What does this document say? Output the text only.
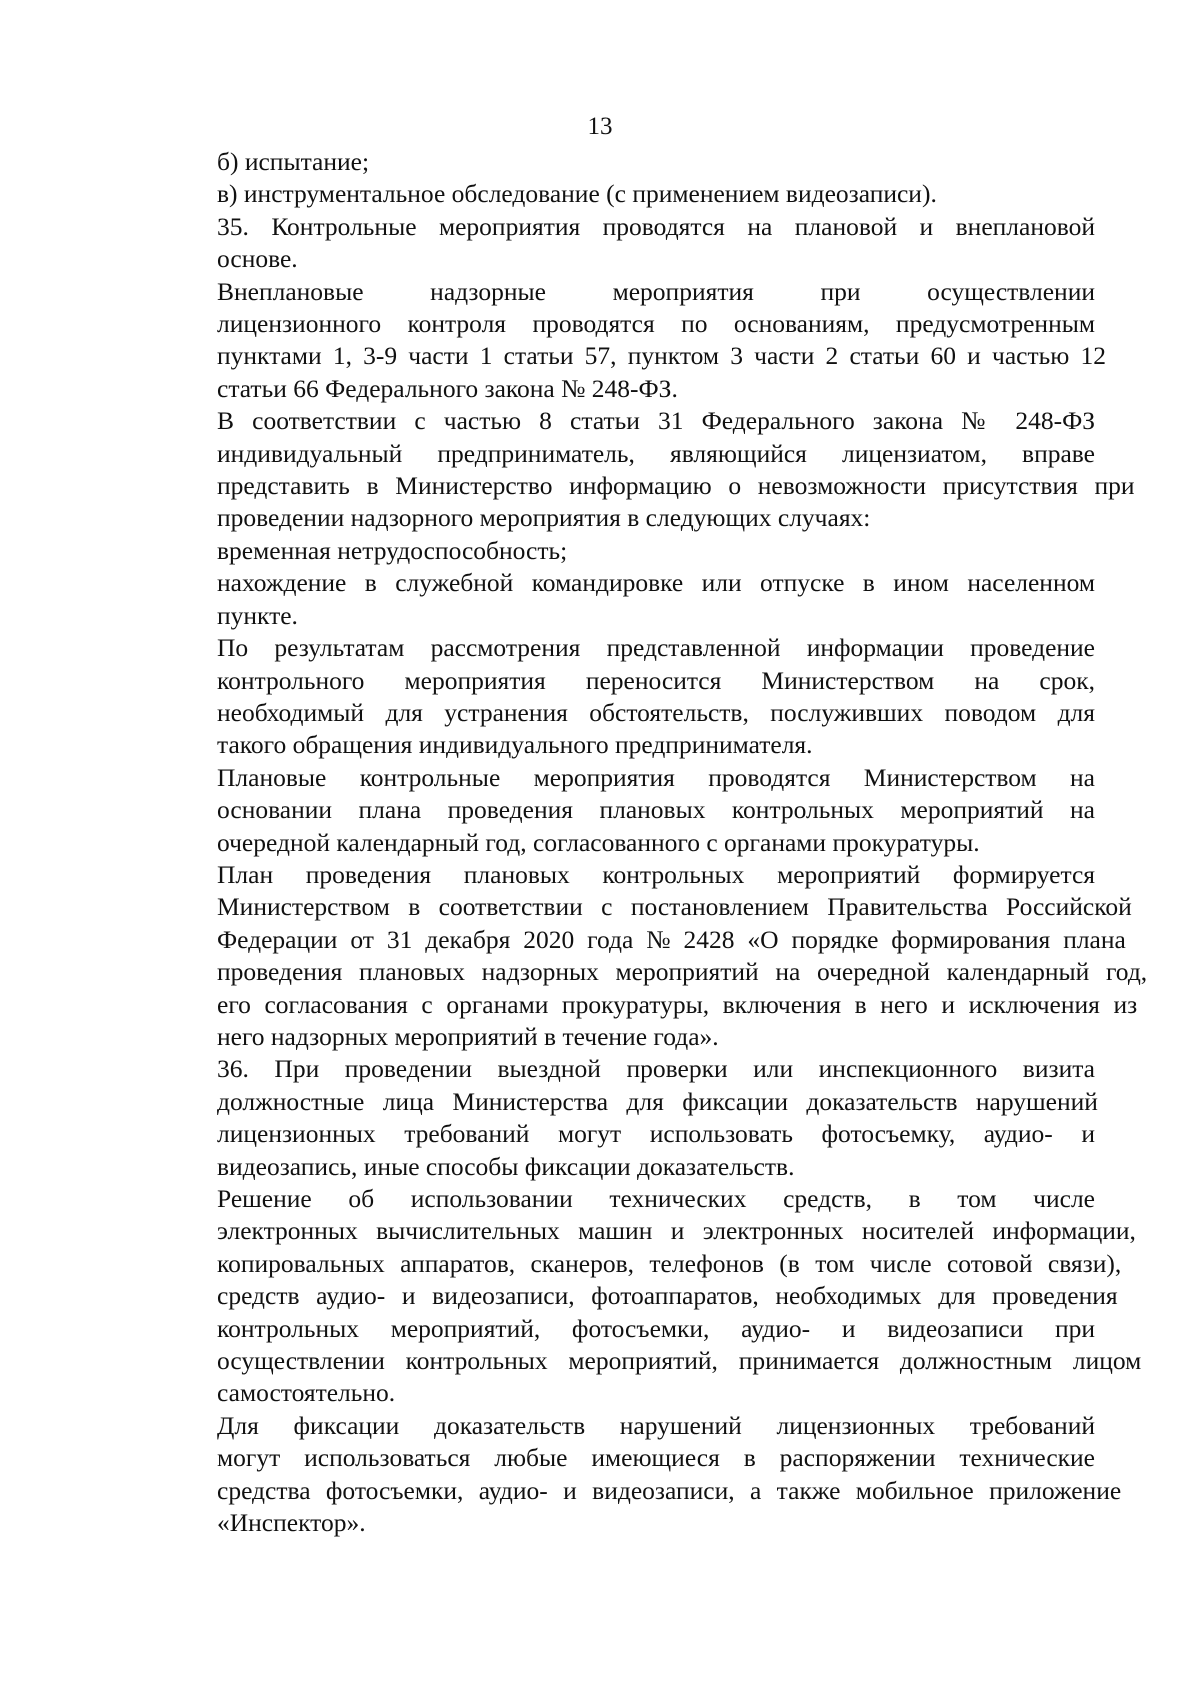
13

б) испытание;

в) инструментальное обследование (с применением видеозаписи).

35. Контрольные мероприятия проводятся на плановой и внеплановой
основе.

Внеплановые надзорные мероприятия при осуществлении
лицензионного контроля проводятся по основаниям, предусмотренным
пунктами 1, 3-9 части 1 статьи 57, пунктом 3 части 2 статьи 60 и частью 12
статьи 66 Федерального закона № 248-ФЗ.

В соответствии с частью 8 статьи 31 Федерального закона № 248-ФЗ
индивидуальный предприниматель, являющийся лицензиатом, вправе
представить в Министерство информацию о невозможности присутствия при
проведении надзорного мероприятия в следующих случаях:

временная нетрудоспособность;

нахождение в служебной командировке или отпуске в ином населенном
пункте.

По результатам рассмотрения представленной информации проведение
контрольного мероприятия переносится Министерством на срок,
необходимый для устранения обстоятельств, послуживших поводом для
такого обращения индивидуального предпринимателя.

Плановые контрольные мероприятия проводятся Министерством на
основании плана проведения плановых контрольных мероприятий на
очередной календарный год, согласованного с органами прокуратуры.

План проведения плановых контрольных мероприятий формируется
Министерством в соответствии с постановлением Правительства Российской
Федерации от 31 декабря 2020 года № 2428 «О порядке формирования плана
проведения плановых надзорных мероприятий на очередной календарный год,
его согласования с органами прокуратуры, включения в него и исключения из
него надзорных мероприятий в течение года».

36. При проведении выездной проверки или инспекционного визита
должностные лица Министерства для фиксации доказательств нарушений
лицензионных требований могут использовать фотосъемку, аудио- и
видеозапись, иные способы фиксации доказательств.

Решение об использовании технических средств, в том числе
электронных вычислительных машин и электронных носителей информации,
копировальных аппаратов, сканеров, телефонов (в том числе сотовой связи),
средств аудио- и видеозаписи, фотоаппаратов, необходимых для проведения
контрольных мероприятий, фотосъемки, аудио- и видеозаписи при
осуществлении контрольных мероприятий, принимается должностным лицом
самостоятельно.

Для фиксации доказательств нарушений лицензионных требований
могут использоваться любые имеющиеся в распоряжении технические
средства фотосъемки, аудио- и видеозаписи, а также мобильное приложение
«Инспектор».
